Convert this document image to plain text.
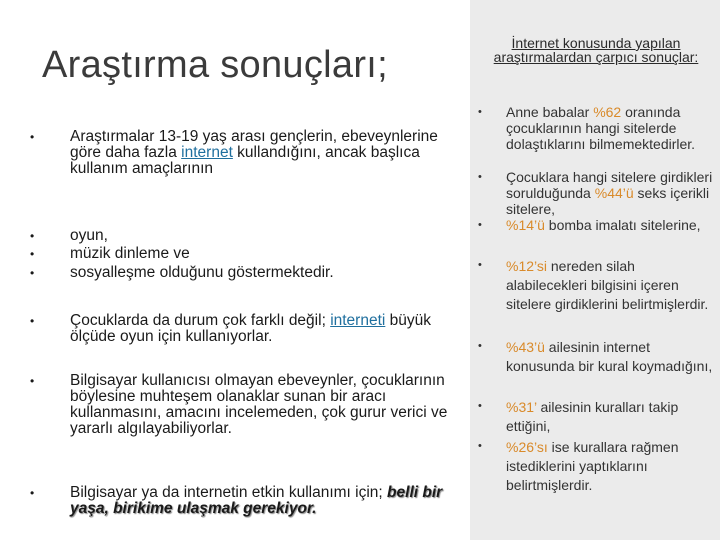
Araştırma sonuçları;
•	Araştırmalar 13-19 yaş arası gençlerin, ebeveynlerine göre daha fazla internet kullandığını, ancak başlıca kullanım amaçlarının
•	oyun,
•	müzik dinleme ve
•	sosyalleşme olduğunu göstermektedir.
•	Çocuklarda da durum çok farklı değil; interneti büyük ölçüde oyun için kullanıyorlar.
•	Bilgisayar kullanıcısı olmayan ebeveynler, çocuklarının böylesine muhteşem olanaklar sunan bir aracı kullanmasını, amacını incelemeden, çok gurur verici ve yararlı algılayabiliyorlar.
•	Bilgisayar ya da internetin etkin kullanımı için; belli bir yaşa, birikime ulaşmak gerekiyor.
İnternet konusunda yapılan araştırmalardan çarpıcı sonuçlar:
• Anne babalar %62 oranında çocuklarının hangi sitelerde dolaştıklarını bilmemektedirler.
• Çocuklara hangi sitelere girdikleri sorulduğunda %44’ü seks içerikli sitelere,
• %14’ü bomba imalatı sitelerine,
• %12’si nereden silah alabilecekleri bilgisini içeren sitelere girdiklerini belirtmişlerdir.
• %43’ü ailesinin internet konusunda bir kural koymadığını,
• %31’ ailesinin kuralları takip ettiğini,
• %26’sı ise kurallara rağmen istediklerini yaptıklarını belirtmişlerdir.
